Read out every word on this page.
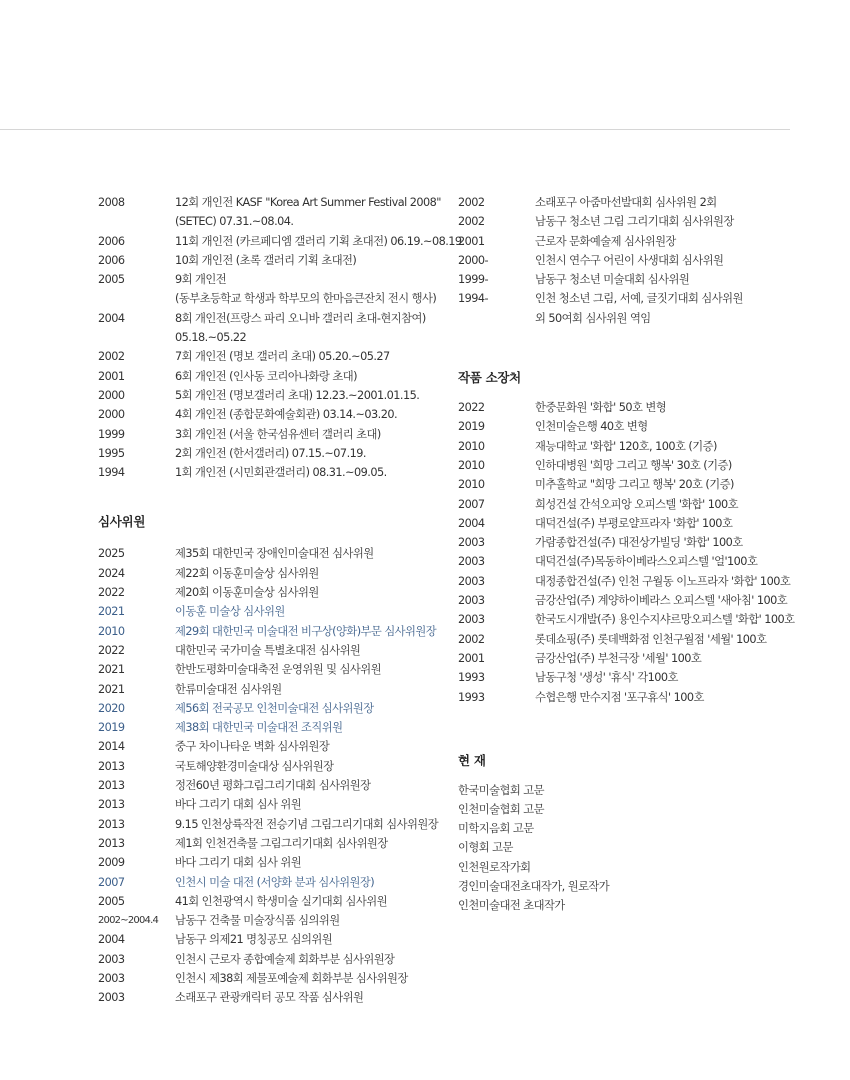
2008	12회 개인전 KASF "Korea Art Summer Festival 2008"
(SETEC) 07.31.~08.04.
2006	11회 개인전 (카르페디엠 갤러리 기획 초대전) 06.19.~08.19.
2006	10회 개인전 (초록 갤러리 기획 초대전)
2005	9회 개인전
(동부초등학교 학생과 학부모의 한마음큰잔치 전시 행사)
2004	8회 개인전(프랑스 파리 오니바 갤러리 초대-현지참여)
05.18.~05.22
2002	7회 개인전 (명보 갤러리 초대) 05.20.~05.27
2001	6회 개인전 (인사동 코리아나화랑 초대)
2000	5회 개인전 (명보갤러리 초대) 12.23.~2001.01.15.
2000	4회 개인전 (종합문화예술회관) 03.14.~03.20.
1999	3회 개인전 (서울 한국섬유센터 갤러리 초대)
1995	2회 개인전 (한서갤러리) 07.15.~07.19.
1994	1회 개인전 (시민회관갤러리) 08.31.~09.05.
심사위원
2025	제35회 대한민국 장애인미술대전 심사위원
2024	제22회 이동훈미술상 심사위원
2022	제20회 이동훈미술상 심사위원
2021	이동훈 미술상 심사위원
2010	제29회 대한민국 미술대전 비구상(양화)부문 심사위원장
2022	대한민국 국가미술 특별초대전 심사위원
2021	한반도평화미술대축전 운영위원 및 심사위원
2021	한류미술대전 심사위원
2020	제56회 전국공모 인천미술대전 심사위원장
2019	제38회 대한민국 미술대전 조직위원
2014	중구 차이나타운 벽화 심사위원장
2013	국토해양환경미술대상 심사위원장
2013	정전60년 평화그림그리기대회 심사위원장
2013	바다 그리기 대회 심사 위원
2013	9.15 인천상륙작전 전승기념 그림그리기대회 심사위원장
2013	제1회 인천건축물 그림그리기대회 심사위원장
2009	바다 그리기 대회 심사 위원
2007	인천시 미술 대전 (서양화 분과 심사위원장)
2005	41회 인천광역시 학생미술 실기대회 심사위원
2002~2004.4	남동구 건축물 미술장식품 심의위원
2004	남동구 의제21 명칭공모 심의위원
2003	인천시 근로자 종합예술제 회화부분 심사위원장
2003	인천시 제38회 제물포예술제 회화부분 심사위원장
2003	소래포구 관광캐릭터 공모 작품 심사위원
2002	소래포구 아줌마선발대회 심사위원 2회
2002	남동구 청소년 그림 그리기대회 심사위원장
2001	근로자 문화예술제 심사위원장
2000-	인천시 연수구 어린이 사생대회 심사위원
1999-	남동구 청소년 미술대회 심사위원
1994-	인천 청소년 그림, 서예, 글짓기대회 심사위원
외 50여회 심사위원 역임
작품 소장처
2022	한중문화원 '화합' 50호 변형
2019	인천미술은행 40호 변형
2010	재능대학교 '화합' 120호, 100호 (기증)
2010	인하대병원 '희망 그리고 행복' 30호 (기증)
2010	미추홀학교 "희망 그리고 행복' 20호 (기증)
2007	희성건설 간석오피앙 오피스텔 '화합' 100호
2004	대덕건설(주) 부평로얄프라자 '화합' 100호
2003	가람종합건설(주) 대전상가빌딩 '화합' 100호
2003	대덕건설(주)목동하이베라스오피스텔 '얼'100호
2003	대정종합건설(주) 인천 구월동 이노프라자 '화합' 100호
2003	금강산업(주) 계양하이베라스 오피스텔 '새아침' 100호
2003	한국도시개발(주) 용인수지샤르망오피스텔 '화합' 100호
2002	롯데쇼핑(주) 롯데백화점 인천구월점 '세월' 100호
2001	금강산업(주) 부천극장 '세월' 100호
1993	남동구청 '생성' '휴식' 각100호
1993	수협은행 만수지점 '포구휴식' 100호
현 재
한국미술협회 고문
인천미술협회 고문
미학지음회 고문
이형회 고문
인천원로작가회
경인미술대전초대작가, 원로작가
인천미술대전 초대작가
